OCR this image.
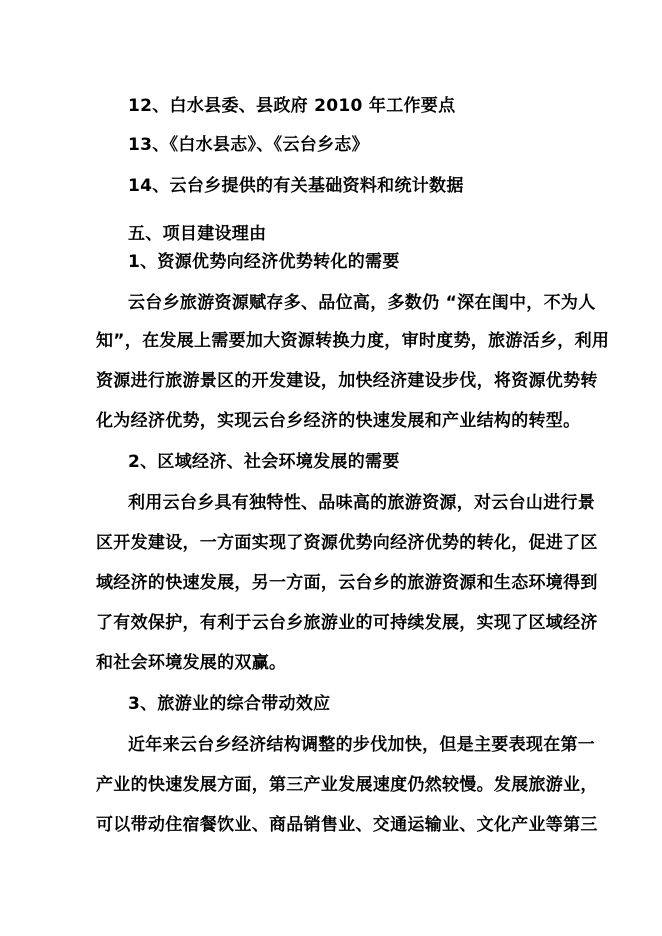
12、白水县委、县政府 2010 年工作要点
13、《白水县志》、《云台乡志》
14、云台乡提供的有关基础资料和统计数据
五、项目建设理由
1、资源优势向经济优势转化的需要
云台乡旅游资源赋存多、品位高，多数仍 “深在闺中，不为人
知”，在发展上需要加大资源转换力度，审时度势，旅游活乡，利用
资源进行旅游景区的开发建设，加快经济建设步伐，将资源优势转
化为经济优势，实现云台乡经济的快速发展和产业结构的转型。
2、区域经济、社会环境发展的需要
利用云台乡具有独特性、品味高的旅游资源，对云台山进行景
区开发建设，一方面实现了资源优势向经济优势的转化，促进了区
域经济的快速发展，另一方面，云台乡的旅游资源和生态环境得到
了有效保护，有利于云台乡旅游业的可持续发展，实现了区域经济
和社会环境发展的双赢。
3、旅游业的综合带动效应
近年来云台乡经济结构调整的步伐加快，但是主要表现在第一
产业的快速发展方面，第三产业发展速度仍然较慢。发展旅游业，
可以带动住宿餐饮业、商品销售业、交通运输业、文化产业等第三
